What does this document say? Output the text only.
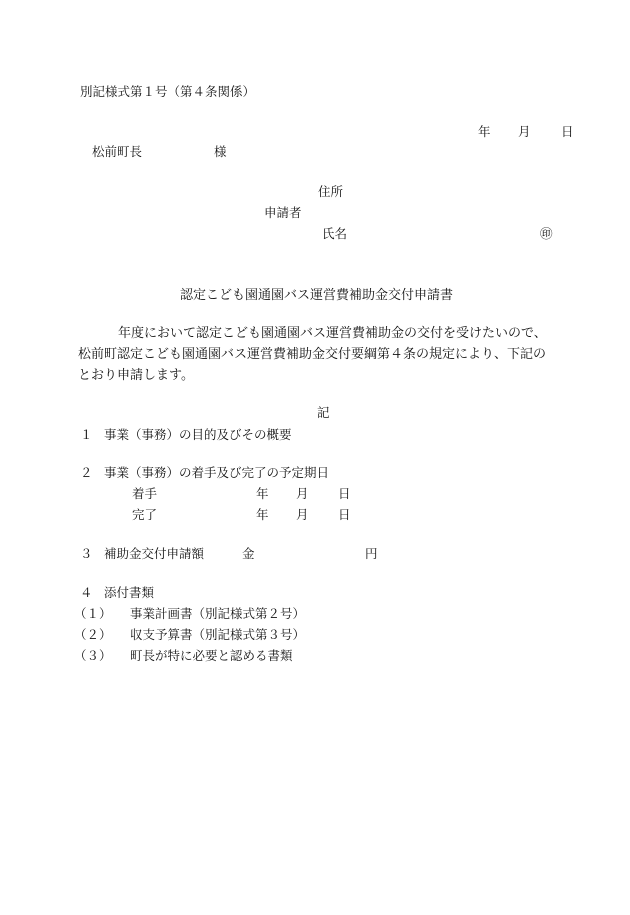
別記様式第１号（第４条関係）
年 月 日
松前町長	様
住所
申請者
氏名	㊞
認定こども園通園バス運営費補助金交付申請書
年度において認定こども園通園バス運営費補助金の交付を受けたいので、
松前町認定こども園通園バス運営費補助金交付要綱第４条の規定により、下記の
とおり申請します。
記
１ 事業（事務）の目的及びその概要
２ 事業（事務）の着手及び完了の予定期日
着手	年 月 日
完了	年 月 日
３ 補助金交付申請額	金	円
４ 添付書類
（１） 事業計画書（別記様式第２号）
（２） 収支予算書（別記様式第３号）
（３） 町長が特に必要と認める書類
